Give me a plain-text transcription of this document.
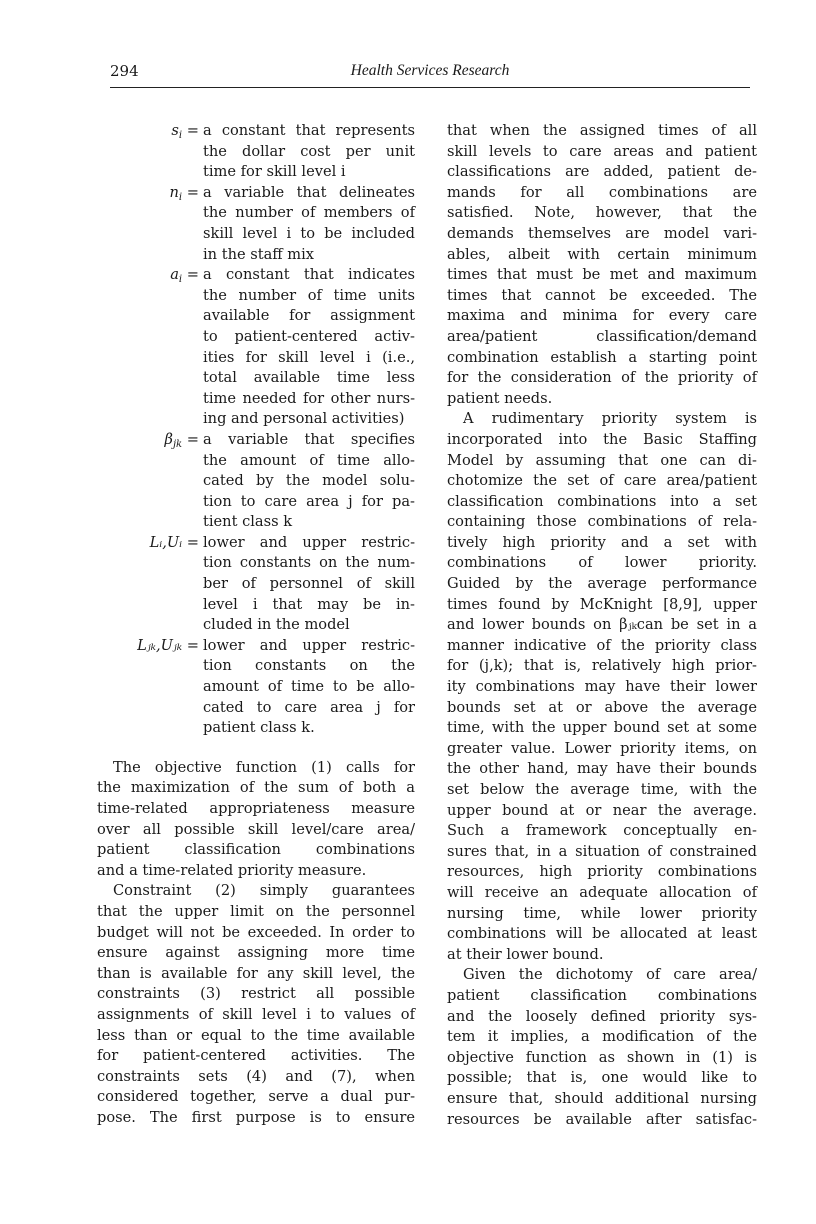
294	Health Services Research
$s_i = a$ constant that represents
the dollar cost per unit
time for skill level i
$n_i = a$ variable that delineates
the number of members of
skill level i to be included
in the staff mix
$a_i = a$ constant that indicates
the number of time units
available for assignment
to patient-centered activ-
ities for skill level i (i.e.,
total available time less
time needed for other nurs-
ing and personal activities)
$\beta_{jk} = a$ variable that specifies
the amount of time allo-
cated by the model solu-
tion to care area j for pa-
tient class k
Lᵢ,Uᵢ = lower and upper restric-
tion constants on the num-
ber of personnel of skill
level i that may be in-
cluded in the model
Lⱼₖ,Uⱼₖ = lower and upper restric-
tion constants on the
amount of time to be allo-
cated to care area j for
patient class k.
The objective function (1) calls for
the maximization of the sum of both a
time-related appropriateness measure
over all possible skill level/care area/
patient classification combinations
and a time-related priority measure.
Constraint (2) simply guarantees
that the upper limit on the personnel
budget will not be exceeded. In order to
ensure against assigning more time
than is available for any skill level, the
constraints (3) restrict all possible
assignments of skill level i to values of
less than or equal to the time available
for patient-centered activities. The
constraints sets (4) and (7), when
considered together, serve a dual pur-
pose. The first purpose is to ensure
that when the assigned times of all
skill levels to care areas and patient
classifications are added, patient de-
mands for all combinations are
satisfied. Note, however, that the
demands themselves are model vari-
ables, albeit with certain minimum
times that must be met and maximum
times that cannot be exceeded. The
maxima and minima for every care
area/patient classification/demand
combination establish a starting point
for the consideration of the priority of
patient needs.
A rudimentary priority system is
incorporated into the Basic Staffing
Model by assuming that one can di-
chotomize the set of care area/patient
classification combinations into a set
containing those combinations of rela-
tively high priority and a set with
combinations of lower priority.
Guided by the average performance
times found by McKnight [8,9], upper
and lower bounds on βⱼₖcan be set in a
manner indicative of the priority class
for (j,k); that is, relatively high prior-
ity combinations may have their lower
bounds set at or above the average
time, with the upper bound set at some
greater value. Lower priority items, on
the other hand, may have their bounds
set below the average time, with the
upper bound at or near the average.
Such a framework conceptually en-
sures that, in a situation of constrained
resources, high priority combinations
will receive an adequate allocation of
nursing time, while lower priority
combinations will be allocated at least
at their lower bound.
Given the dichotomy of care area/
patient classification combinations
and the loosely defined priority sys-
tem it implies, a modification of the
objective function as shown in (1) is
possible; that is, one would like to
ensure that, should additional nursing
resources be available after satisfac-
